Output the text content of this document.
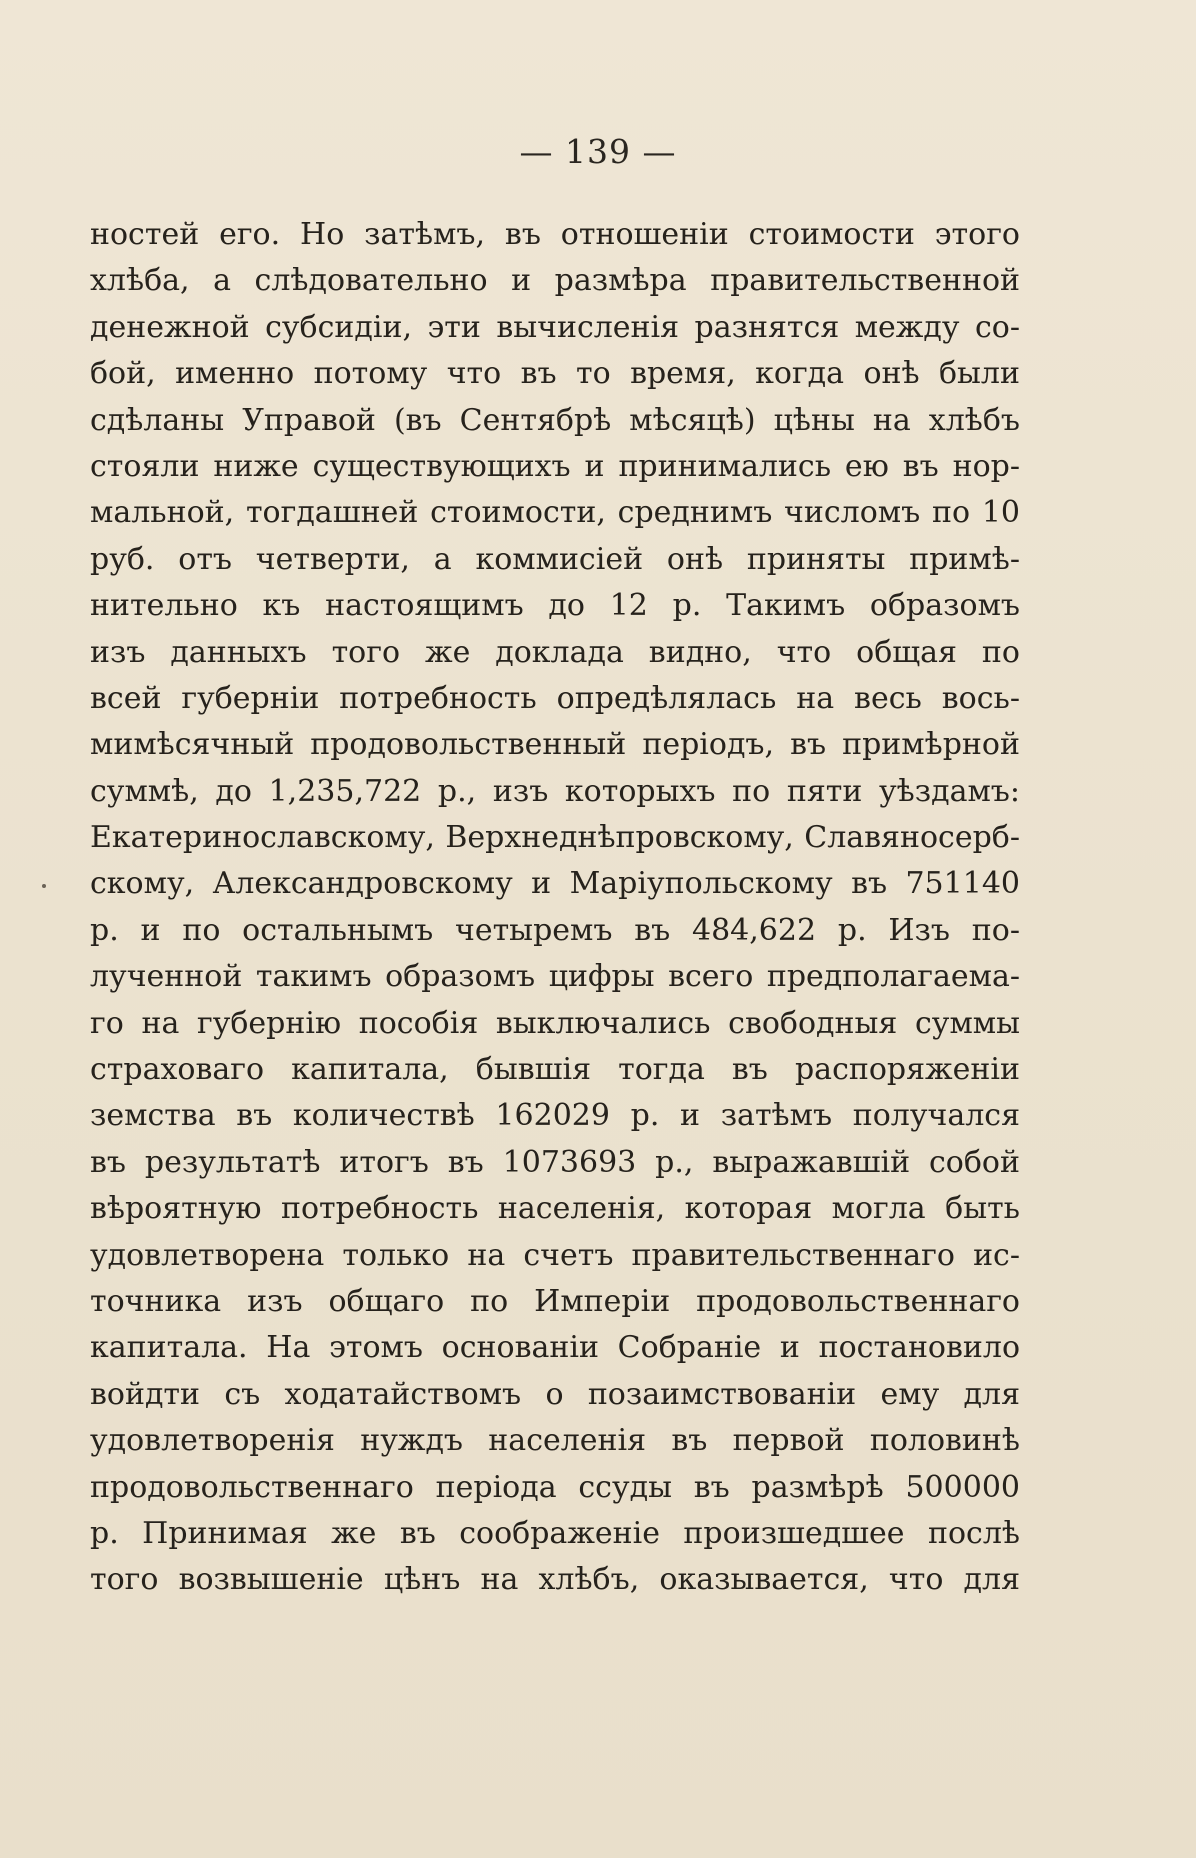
— 139 —
ностей его. Но затѣмъ, въ отношенiи стоимости этого
хлѣба, а слѣдовательно и размѣра правительственной
денежной субсидiи, эти вычисленiя разнятся между со-
бой, именно потому что въ то время, когда онѣ были
сдѣланы Управой (въ Сентябрѣ мѣсяцѣ) цѣны на хлѣбъ
стояли ниже существующихъ и принимались ею въ нор-
мальной, тогдашней стоимости, среднимъ числомъ по 10
руб. отъ четверти, а коммисiей онѣ приняты примѣ-
нительно къ настоящимъ до 12 р. Такимъ образомъ
изъ данныхъ того же доклада видно, что общая по
всей губернiи потребность опредѣлялась на весь вось-
мимѣсячный продовольственный перiодъ, въ примѣрной
суммѣ, до 1,235,722 р., изъ которыхъ по пяти уѣздамъ:
Екатеринославскому, Верхнеднѣпровскому, Славяносерб-
скому, Александровскому и Марiупольскому въ 751140
р. и по остальнымъ четыремъ въ 484,622 р. Изъ по-
лученной такимъ образомъ цифры всего предполагаема-
го на губернiю пособiя выключались свободныя суммы
страховаго капитала, бывшiя тогда въ распоряженiи
земства въ количествѣ 162029 р. и затѣмъ получался
въ результатѣ итогъ въ 1073693 р., выражавшiй собой
вѣроятную потребность населенiя, которая могла быть
удовлетворена только на счетъ правительственнаго ис-
точника изъ общаго по Имперiи продовольственнаго
капитала. На этомъ основанiи Собранiе и постановило
войдти съ ходатайствомъ о позаимствованiи ему для
удовлетворенiя нуждъ населенiя въ первой половинѣ
продовольственнаго перiода ссуды въ размѣрѣ 500000
р. Принимая же въ соображенiе произшедшее послѣ
того возвышенiе цѣнъ на хлѣбъ, оказывается, что для
